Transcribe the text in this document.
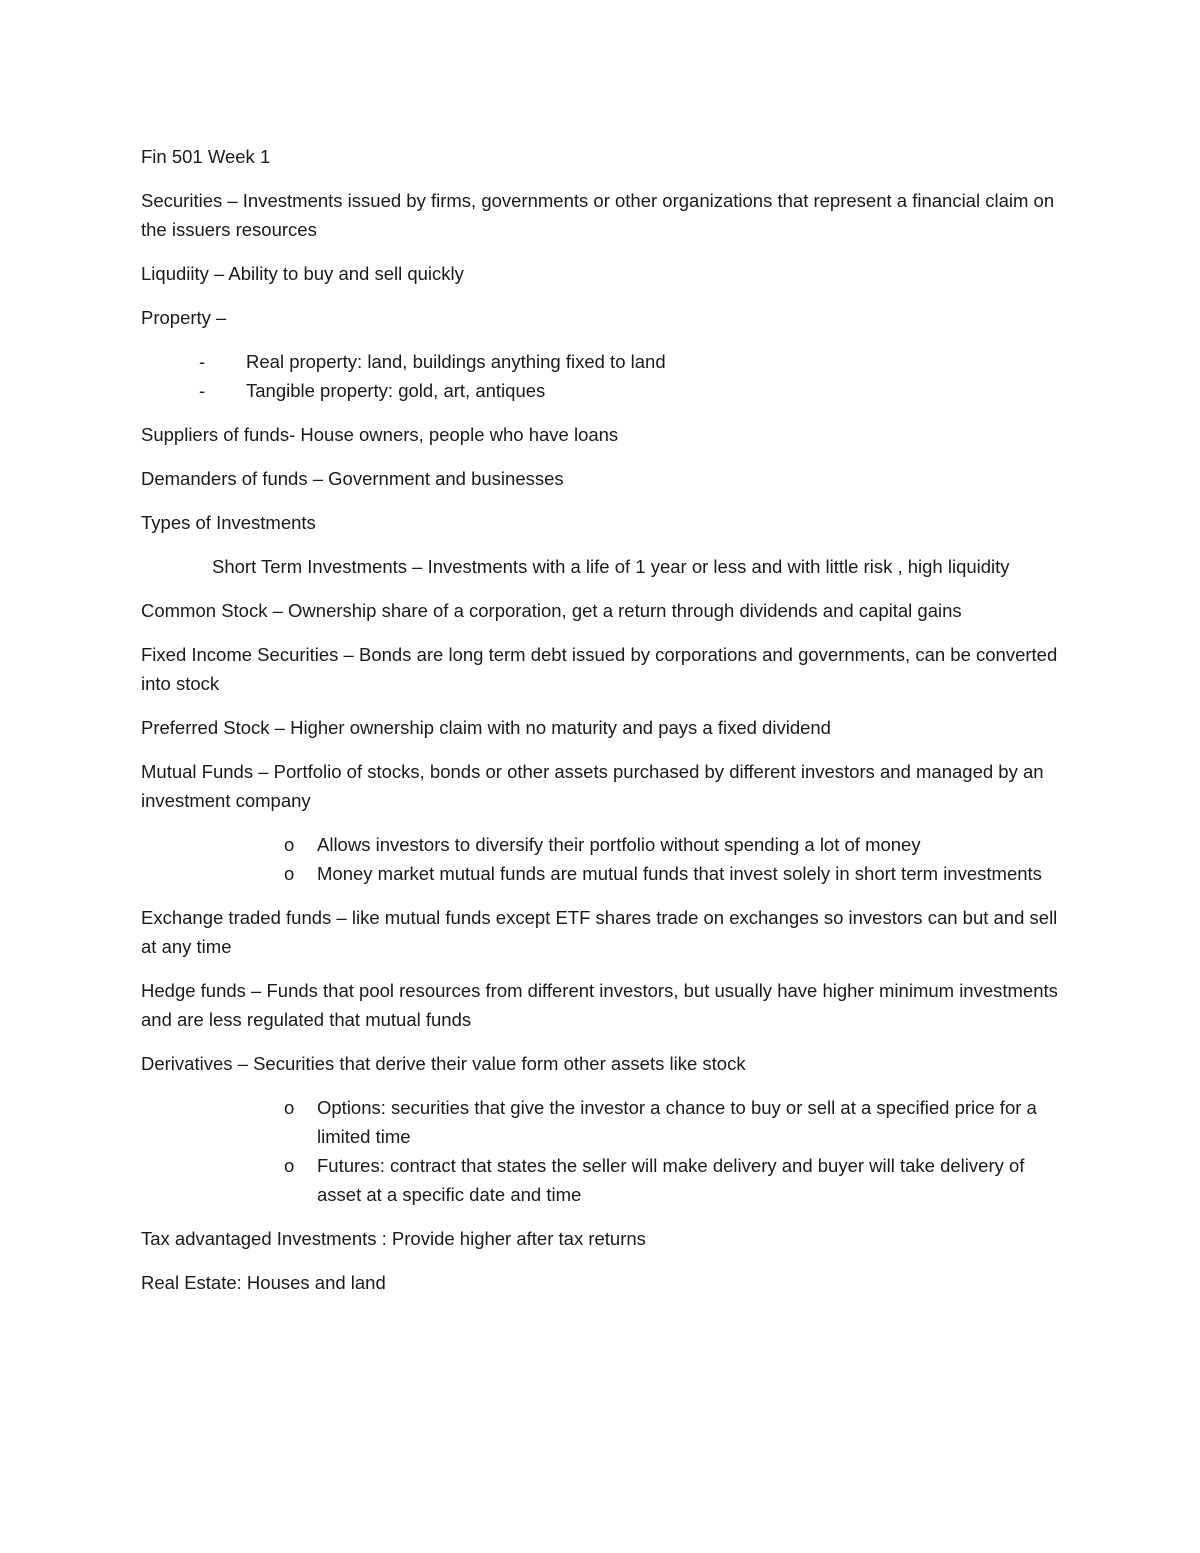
Fin 501 Week 1

Securities – Investments issued by firms, governments or other organizations that represent a financial claim on the issuers resources

Liqudiity – Ability to buy and sell quickly

Property –

- Real property: land, buildings anything fixed to land
- Tangible property: gold, art, antiques

Suppliers of funds- House owners, people who have loans

Demanders of funds – Government and businesses

Types of Investments

Short Term Investments – Investments with a life of 1 year or less and with little risk , high liquidity

Common Stock – Ownership share of a corporation, get a return through dividends and capital gains

Fixed Income Securities – Bonds are long term debt issued by corporations and governments, can be converted into stock

Preferred Stock – Higher ownership claim with no maturity and pays a fixed dividend

Mutual Funds – Portfolio of stocks, bonds or other assets purchased by different investors and managed by an investment company

o Allows investors to diversify their portfolio without spending a lot of money
o Money market mutual funds are mutual funds that invest solely in short term investments

Exchange traded funds – like mutual funds except ETF shares trade on exchanges so investors can but and sell at any time

Hedge funds – Funds that pool resources from different investors, but usually have higher minimum investments and are less regulated that mutual funds

Derivatives – Securities that derive their value form other assets like stock

o Options: securities that give the investor a chance to buy or sell at a specified price for a limited time
o Futures: contract that states the seller will make delivery and buyer will take delivery of asset at a specific date and time

Tax advantaged Investments : Provide higher after tax returns

Real Estate: Houses and land
